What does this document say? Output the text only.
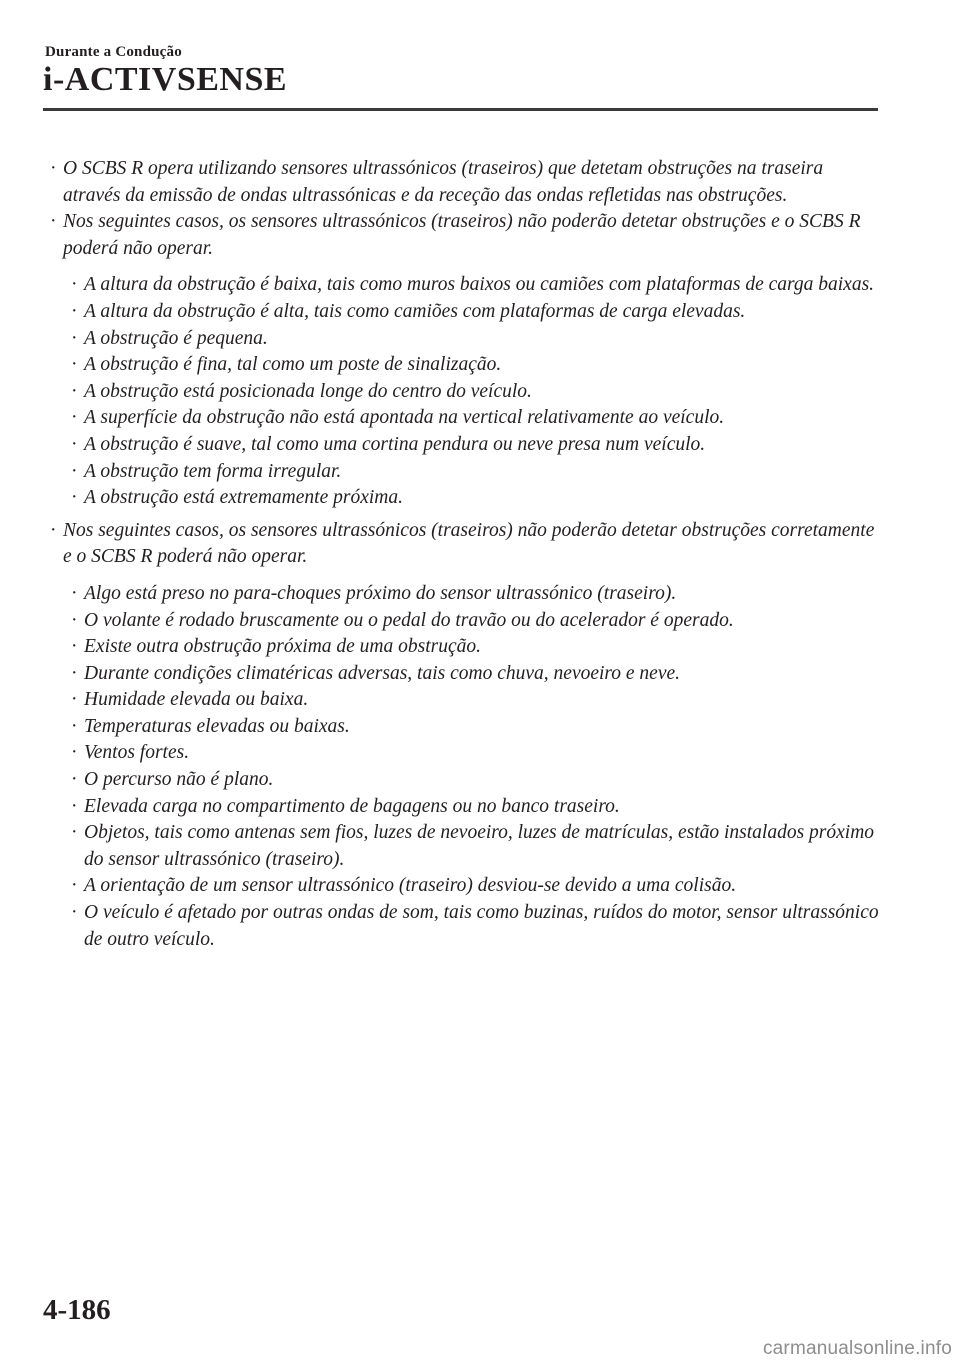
Durante a Condução
i-ACTIVSENSE
· O SCBS R opera utilizando sensores ultrassónicos (traseiros) que detetam obstruções na traseira através da emissão de ondas ultrassónicas e da receção das ondas refletidas nas obstruções.
· Nos seguintes casos, os sensores ultrassónicos (traseiros) não poderão detetar obstruções e o SCBS R poderá não operar.
· A altura da obstrução é baixa, tais como muros baixos ou camiões com plataformas de carga baixas.
· A altura da obstrução é alta, tais como camiões com plataformas de carga elevadas.
· A obstrução é pequena.
· A obstrução é fina, tal como um poste de sinalização.
· A obstrução está posicionada longe do centro do veículo.
· A superfície da obstrução não está apontada na vertical relativamente ao veículo.
· A obstrução é suave, tal como uma cortina pendura ou neve presa num veículo.
· A obstrução tem forma irregular.
· A obstrução está extremamente próxima.
· Nos seguintes casos, os sensores ultrassónicos (traseiros) não poderão detetar obstruções corretamente e o SCBS R poderá não operar.
· Algo está preso no para-choques próximo do sensor ultrassónico (traseiro).
· O volante é rodado bruscamente ou o pedal do travão ou do acelerador é operado.
· Existe outra obstrução próxima de uma obstrução.
· Durante condições climatéricas adversas, tais como chuva, nevoeiro e neve.
· Humidade elevada ou baixa.
· Temperaturas elevadas ou baixas.
· Ventos fortes.
· O percurso não é plano.
· Elevada carga no compartimento de bagagens ou no banco traseiro.
· Objetos, tais como antenas sem fios, luzes de nevoeiro, luzes de matrículas, estão instalados próximo do sensor ultrassónico (traseiro).
· A orientação de um sensor ultrassónico (traseiro) desviou-se devido a uma colisão.
· O veículo é afetado por outras ondas de som, tais como buzinas, ruídos do motor, sensor ultrassónico de outro veículo.
4-186
carmanualsonline.info
